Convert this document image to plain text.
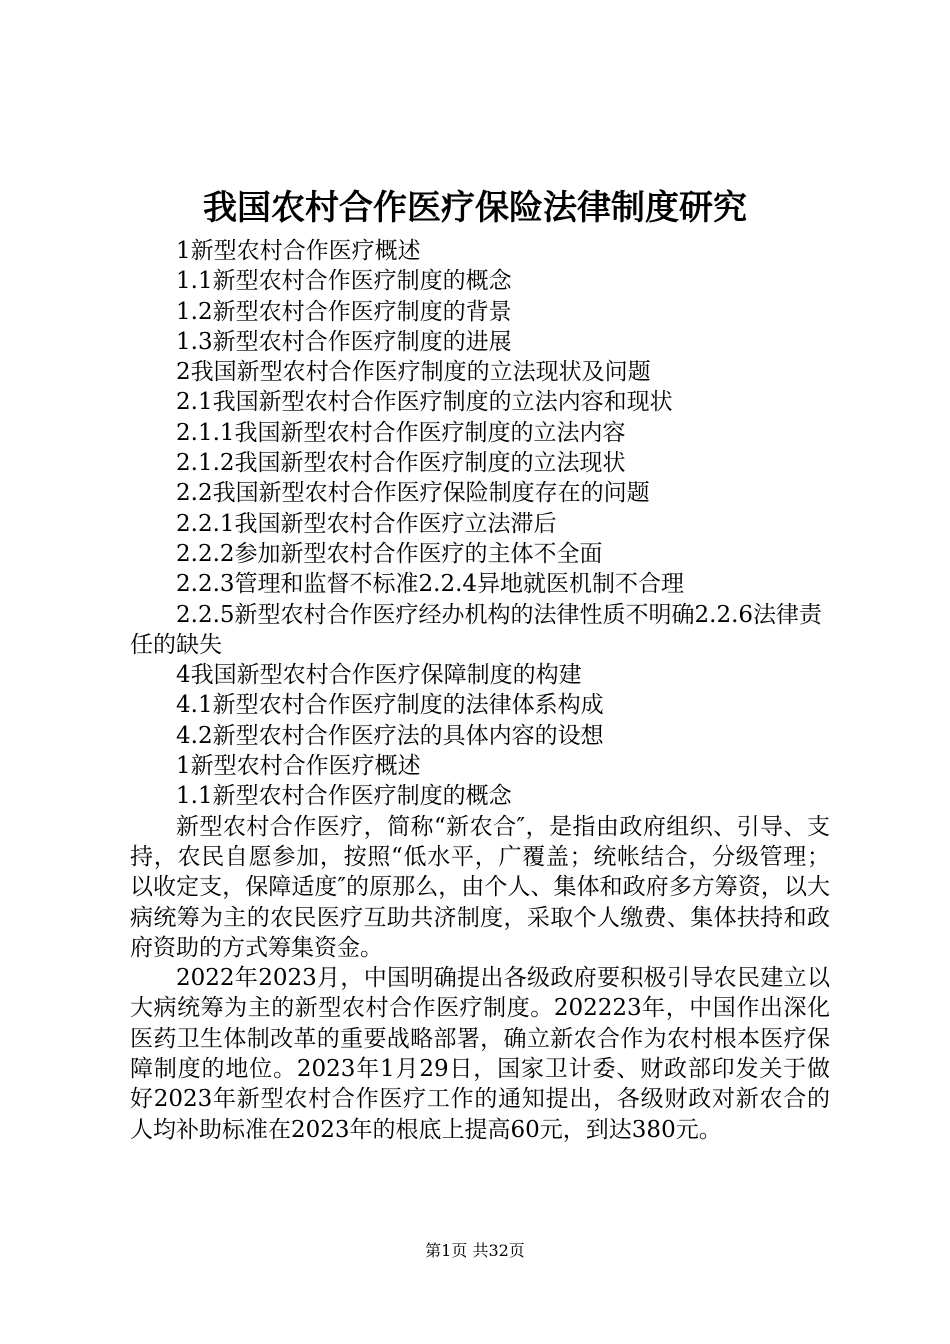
我国农村合作医疗保险法律制度研究
1新型农村合作医疗概述
1.1新型农村合作医疗制度的概念
1.2新型农村合作医疗制度的背景
1.3新型农村合作医疗制度的进展
2我国新型农村合作医疗制度的立法现状及问题
2.1我国新型农村合作医疗制度的立法内容和现状
2.1.1我国新型农村合作医疗制度的立法内容
2.1.2我国新型农村合作医疗制度的立法现状
2.2我国新型农村合作医疗保险制度存在的问题
2.2.1我国新型农村合作医疗立法滞后
2.2.2参加新型农村合作医疗的主体不全面
2.2.3管理和监督不标准2.2.4异地就医机制不合理

2.2.5新型农村合作医疗经办机构的法律性质不明确2.2.6法律责任的缺失

4我国新型农村合作医疗保障制度的构建
4.1新型农村合作医疗制度的法律体系构成
4.2新型农村合作医疗法的具体内容的设想
1新型农村合作医疗概述
1.1新型农村合作医疗制度的概念

新型农村合作医疗，简称“新农合″，是指由政府组织、引导、支持，农民自愿参加，按照“低水平，广覆盖；统帐结合，分级管理；以收定支，保障适度″的原那么，由个人、集体和政府多方筹资，以大病统筹为主的农民医疗互助共济制度，采取个人缴费、集体扶持和政府资助的方式筹集资金。

2022年2023月，中国明确提出各级政府要积极引导农民建立以大病统筹为主的新型农村合作医疗制度。202223年，中国作出深化医药卫生体制改革的重要战略部署，确立新农合作为农村根本医疗保障制度的地位。2023年1月29日，国家卫计委、财政部印发关于做好2023年新型农村合作医疗工作的通知提出，各级财政对新农合的人均补助标准在2023年的根底上提高60元，到达380元。

第1页 共32页
